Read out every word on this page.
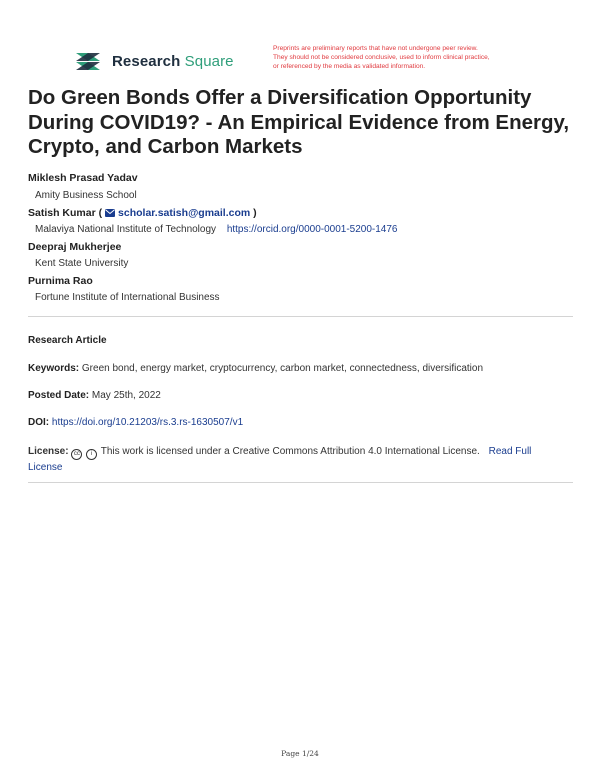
Research Square
Preprints are preliminary reports that have not undergone peer review.
They should not be considered conclusive, used to inform clinical practice,
or referenced by the media as validated information.
Do Green Bonds Offer a Diversification Opportunity
During COVID19? - An Empirical Evidence from Energy,
Crypto, and Carbon Markets
Miklesh Prasad Yadav
Amity Business School
Satish Kumar ( scholar.satish@gmail.com )
Malaviya National Institute of Technology https://orcid.org/0000-0001-5200-1476
Deepraj Mukherjee
Kent State University
Purnima Rao
Fortune Institute of International Business
Research Article
Keywords: Green bond, energy market, cryptocurrency, carbon market, connectedness, diversification
Posted Date: May 25th, 2022
DOI: https://doi.org/10.21203/rs.3.rs-1630507/v1
License: cc i This work is licensed under a Creative Commons Attribution 4.0 International License. Read Full
License
Page 1/24
